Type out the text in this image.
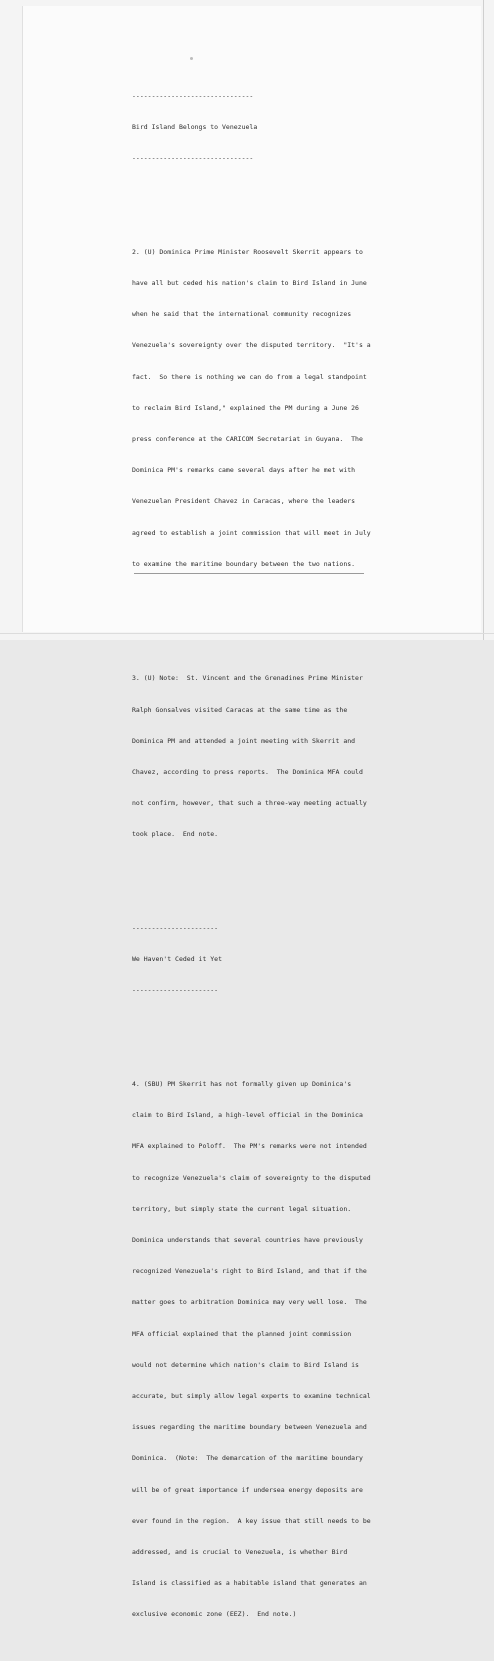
-------------------------------

Bird Island Belongs to Venezuela

-------------------------------

2. (U) Dominica Prime Minister Roosevelt Skerrit appears to

have all but ceded his nation's claim to Bird Island in June

when he said that the international community recognizes

Venezuela's sovereignty over the disputed territory.  "It's a

fact.  So there is nothing we can do from a legal standpoint

to reclaim Bird Island," explained the PM during a June 26

press conference at the CARICOM Secretariat in Guyana.  The

Dominica PM's remarks came several days after he met with

Venezuelan President Chavez in Caracas, where the leaders

agreed to establish a joint commission that will meet in July

to examine the maritime boundary between the two nations.

3. (U) Note:  St. Vincent and the Grenadines Prime Minister

Ralph Gonsalves visited Caracas at the same time as the

Dominica PM and attended a joint meeting with Skerrit and

Chavez, according to press reports.  The Dominica MFA could

not confirm, however, that such a three-way meeting actually

took place.  End note.

----------------------

We Haven't Ceded it Yet

----------------------

4. (SBU) PM Skerrit has not formally given up Dominica's

claim to Bird Island, a high-level official in the Dominica

MFA explained to Poloff.  The PM's remarks were not intended

to recognize Venezuela's claim of sovereignty to the disputed

territory, but simply state the current legal situation.

Dominica understands that several countries have previously

recognized Venezuela's right to Bird Island, and that if the

matter goes to arbitration Dominica may very well lose.  The

MFA official explained that the planned joint commission

would not determine which nation's claim to Bird Island is

accurate, but simply allow legal experts to examine technical

issues regarding the maritime boundary between Venezuela and

Dominica.  (Note:  The demarcation of the maritime boundary

will be of great importance if undersea energy deposits are

ever found in the region.  A key issue that still needs to be

addressed, and is crucial to Venezuela, is whether Bird

Island is classified as a habitable island that generates an

exclusive economic zone (EEZ).  End note.)
